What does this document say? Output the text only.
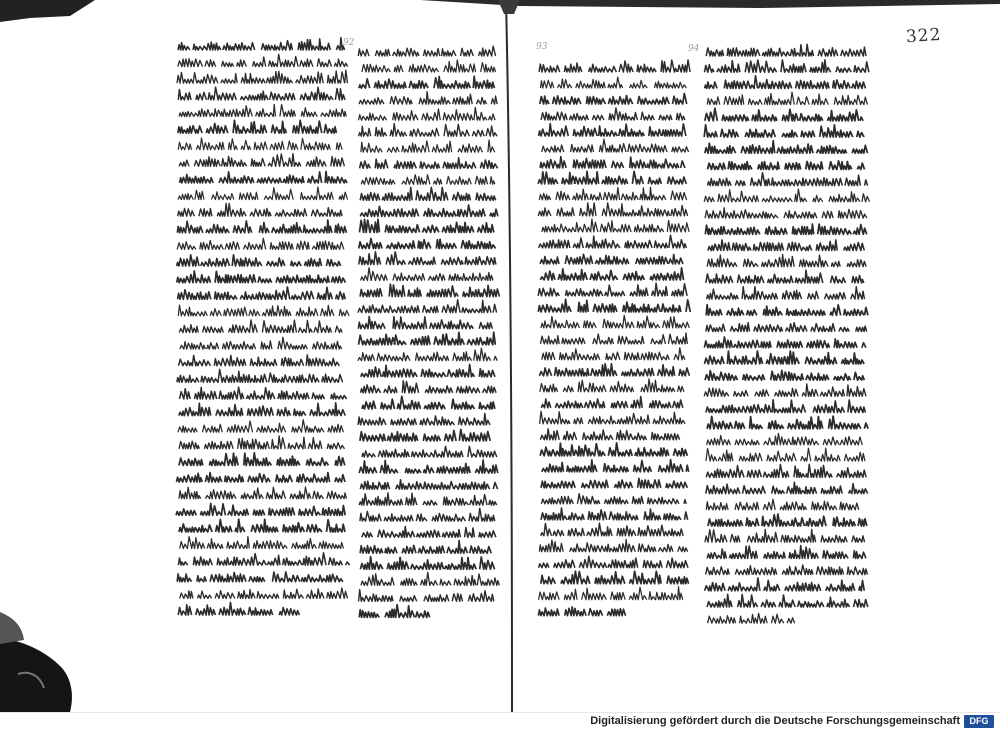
322
92	93	94
Digitalisierung gefördert durch die Deutsche Forschungsgemeinschaft	DFG
